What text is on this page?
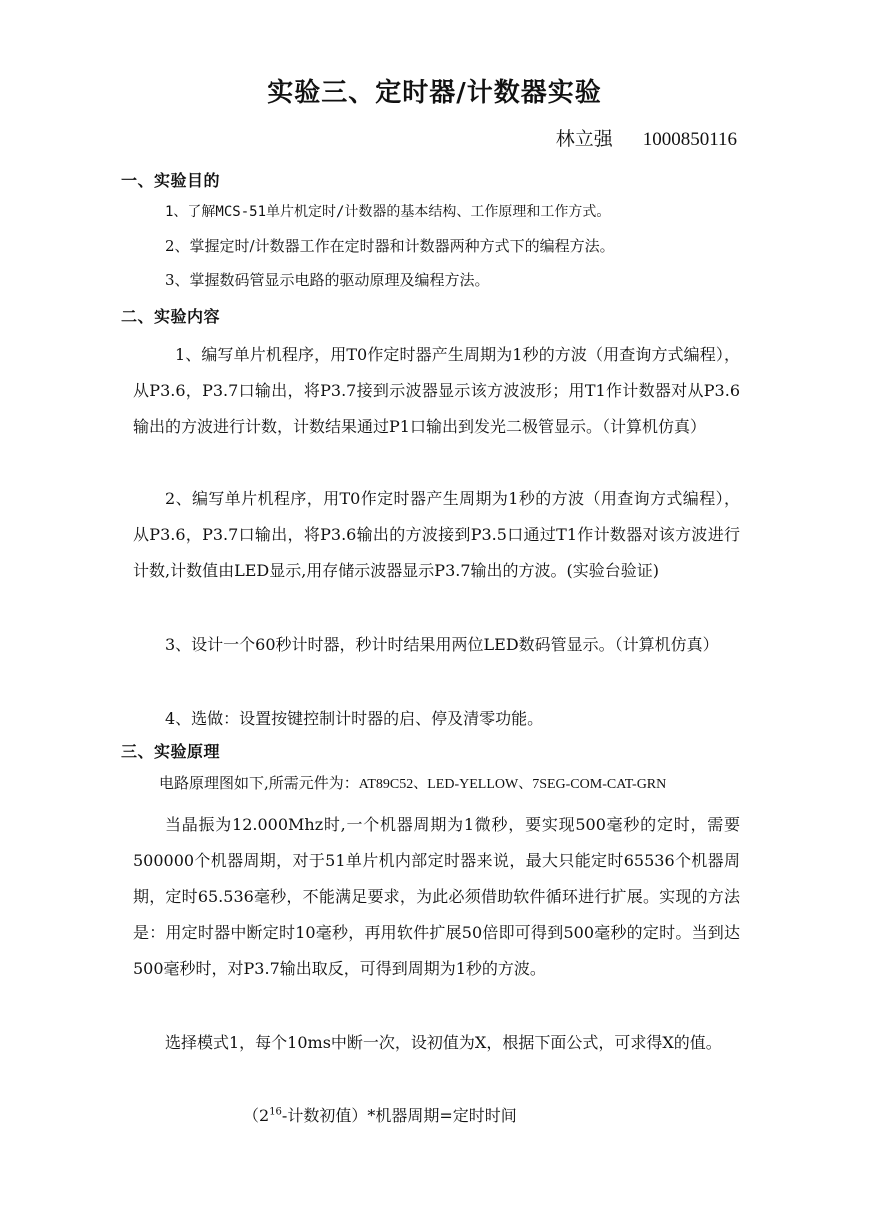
实验三、定时器/计数器实验
林立强 1000850116
一、实验目的
1、了解MCS-51单片机定时/计数器的基本结构、工作原理和工作方式。
2、掌握定时/计数器工作在定时器和计数器两种方式下的编程方法。
3、掌握数码管显示电路的驱动原理及编程方法。
二、实验内容
1、编写单片机程序，用T0作定时器产生周期为1秒的方波（用查询方式编程），从P3.6，P3.7口输出，将P3.7接到示波器显示该方波波形；用T1作计数器对从P3.6输出的方波进行计数，计数结果通过P1口输出到发光二极管显示。（计算机仿真）
2、编写单片机程序，用T0作定时器产生周期为1秒的方波（用查询方式编程），从P3.6，P3.7口输出，将P3.6输出的方波接到P3.5口通过T1作计数器对该方波进行计数,计数值由LED显示,用存储示波器显示P3.7输出的方波。(实验台验证)
3、设计一个60秒计时器，秒计时结果用两位LED数码管显示。（计算机仿真）
4、选做：设置按键控制计时器的启、停及清零功能。
三、实验原理
电路原理图如下,所需元件为：AT89C52、LED-YELLOW、7SEG-COM-CAT-GRN
当晶振为12.000Mhz时,一个机器周期为1微秒，要实现500毫秒的定时，需要500000个机器周期，对于51单片机内部定时器来说，最大只能定时65536个机器周期，定时65.536毫秒，不能满足要求，为此必须借助软件循环进行扩展。实现的方法是：用定时器中断定时10毫秒，再用软件扩展50倍即可得到500毫秒的定时。当到达500毫秒时，对P3.7输出取反，可得到周期为1秒的方波。
选择模式1，每个10ms中断一次，设初值为X，根据下面公式，可求得X的值。
（$2^{16}-$计数初值）*机器周期=定时时间
